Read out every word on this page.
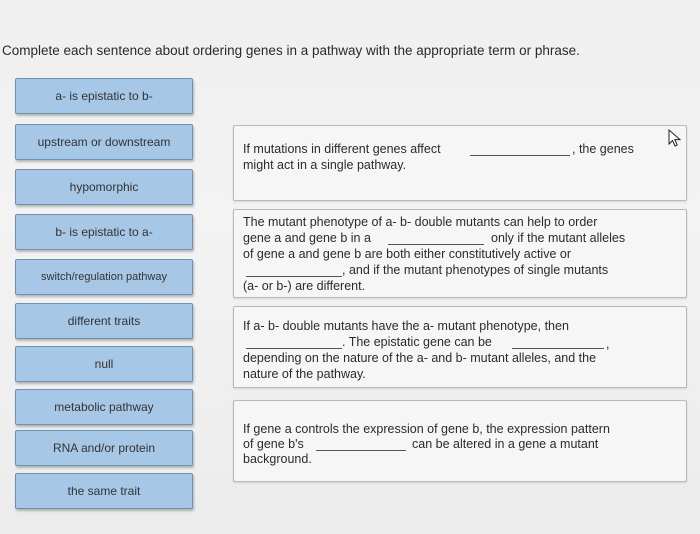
Complete each sentence about ordering genes in a pathway with the appropriate term or phrase.
a- is epistatic to b-
upstream or downstream
hypomorphic
b- is epistatic to a-
switch/regulation pathway
different traits
null
metabolic pathway
RNA and/or protein
the same trait
If mutations in different genes affect	, the genes
might act in a single pathway.
The mutant phenotype of a- b- double mutants can help to order
gene a and gene b in a	only if the mutant alleles
of gene a and gene b are both either constitutively active or
, and if the mutant phenotypes of single mutants
(a- or b-) are different.
If a- b- double mutants have the a- mutant phenotype, then
. The epistatic gene can be	,
depending on the nature of the a- and b- mutant alleles, and the
nature of the pathway.
If gene a controls the expression of gene b, the expression pattern
of gene b's	can be altered in a gene a mutant
background.
